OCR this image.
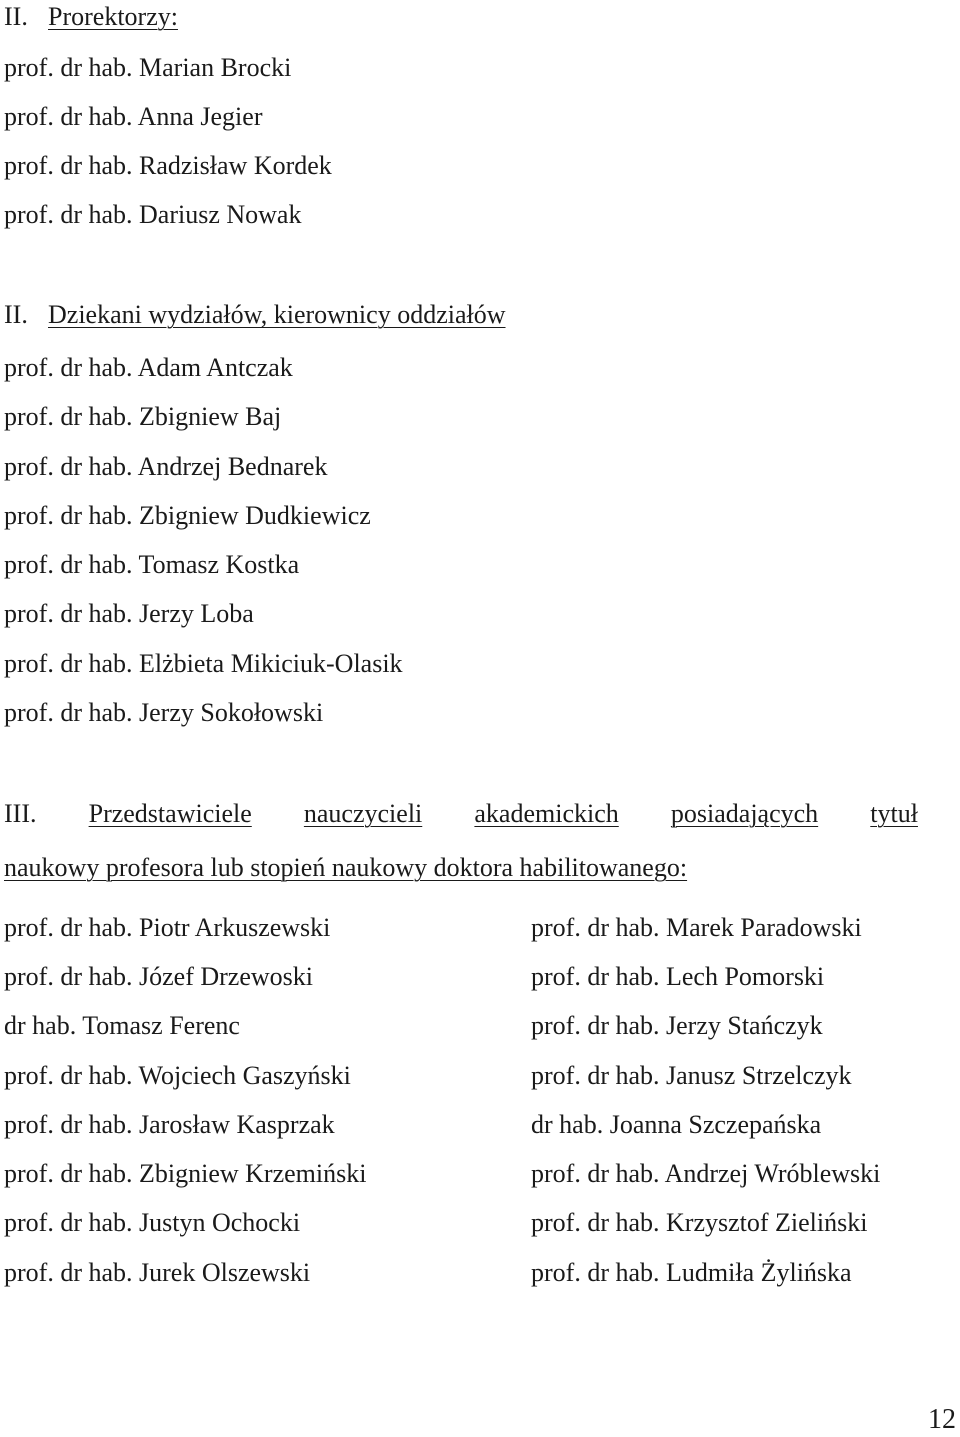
II. Prorektorzy:
prof. dr hab. Marian Brocki
prof. dr hab. Anna Jegier
prof. dr hab. Radzisław Kordek
prof. dr hab. Dariusz Nowak
II. Dziekani wydziałów, kierownicy oddziałów
prof. dr hab. Adam Antczak
prof. dr hab. Zbigniew Baj
prof. dr hab. Andrzej Bednarek
prof. dr hab. Zbigniew Dudkiewicz
prof. dr hab. Tomasz Kostka
prof. dr hab. Jerzy Loba
prof. dr hab. Elżbieta Mikiciuk-Olasik
prof. dr hab. Jerzy Sokołowski
III. Przedstawiciele nauczycieli akademickich posiadających tytuł
naukowy profesora lub stopień naukowy doktora habilitowanego:
prof. dr hab. Piotr Arkuszewski
prof. dr hab. Józef Drzewoski
dr hab. Tomasz Ferenc
prof. dr hab. Wojciech Gaszyński
prof. dr hab. Jarosław Kasprzak
prof. dr hab. Zbigniew Krzemiński
prof. dr hab. Justyn Ochocki
prof. dr hab. Jurek Olszewski
prof. dr hab. Marek Paradowski
prof. dr hab. Lech Pomorski
prof. dr hab. Jerzy Stańczyk
prof. dr hab. Janusz Strzelczyk
dr hab. Joanna Szczepańska
prof. dr hab. Andrzej Wróblewski
prof. dr hab. Krzysztof Zieliński
prof. dr hab. Ludmiła Żylińska
12
